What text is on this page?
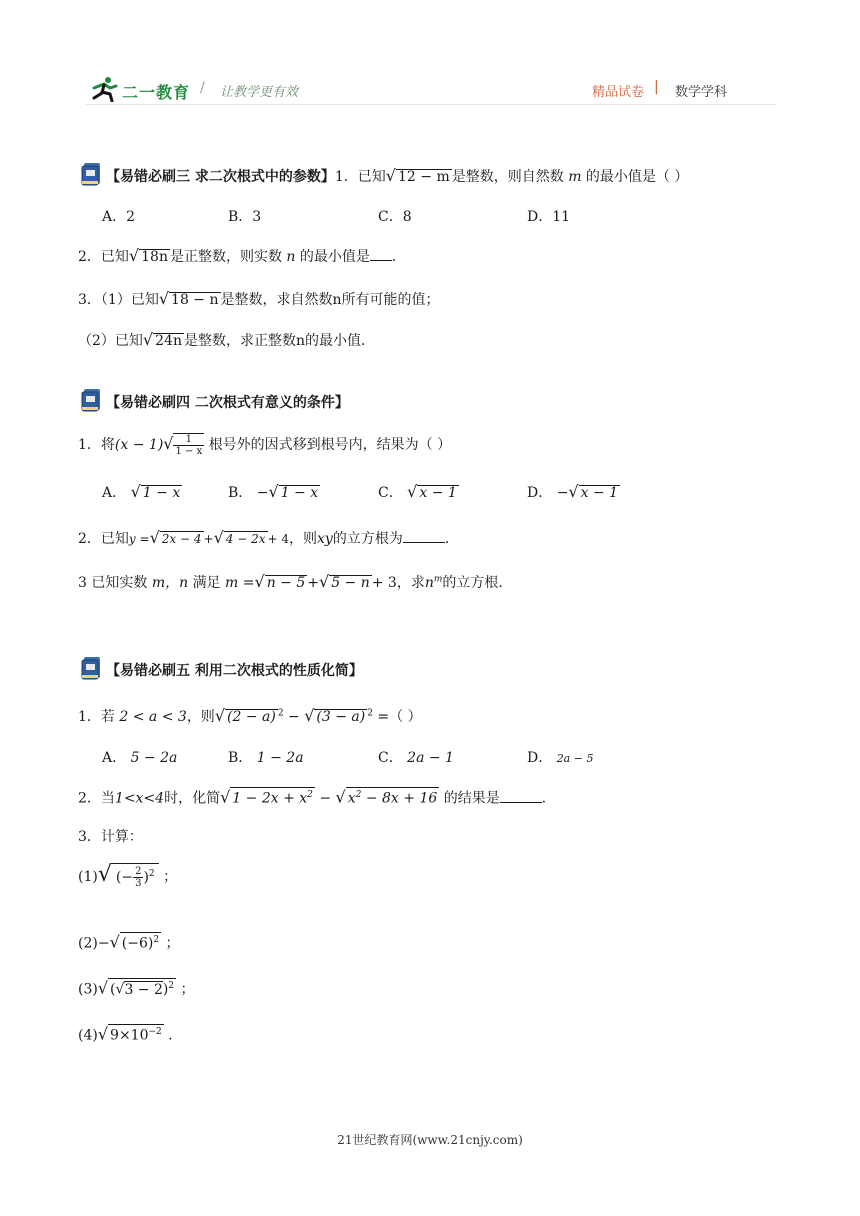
二一教育 / 让教学更有效	精品试卷 | 数学学科
【易错必刷三 求二次根式中的参数】1．已知√ 12 − m 是整数，则自然数 m 的最小值是（ ）
A．2	B．3	C．8	D．11
2．已知√ 18n 是正整数，则实数 n 的最小值是 ．
3．（1）已知√ 18 − n 是整数，求自然数n所有可能的值；
（2）已知√ 24n 是整数，求正整数n的最小值．
【易错必刷四 二次根式有意义的条件】
1．将$(x - 1)√ \frac{1}{1 - x}$ 根号外的因式移到根号内，结果为（ ）
A． √ 1 − x	B． −√ 1 − x	C． √ x − 1	D． −√ x − 1
2．已知y =√ 2x − 4 +√ 4 − 2x + 4，则xy的立方根为	．
3 已知实数 m，n 满足 m =√ n − 5 +√ 5 − n + 3，求$n^m$的立方根．
【易错必刷五 利用二次根式的性质化简】
1．若 2 < a < 3，则√ (2 − a) $^2$ − √ (3 − a) $^2$ =（ ）
A． 5 − 2a	B． 1 − 2a	C． 2a − 1	D． 2a − 5
2．当1<x<4时，化简√ $1 - 2x + x^2$ − √ $x^2 - 8x + 16$ 的结果是	．
3．计算：
(1)√ (− $\frac{2}{3} )^2$ ；
(2)−√ $(-6)^2$ ；
(3)√ $(√3 - 2)^2$ ；
(4)√ $9\times 10^{-2}$ ．
21世纪教育网(www.21cnjy.com)
